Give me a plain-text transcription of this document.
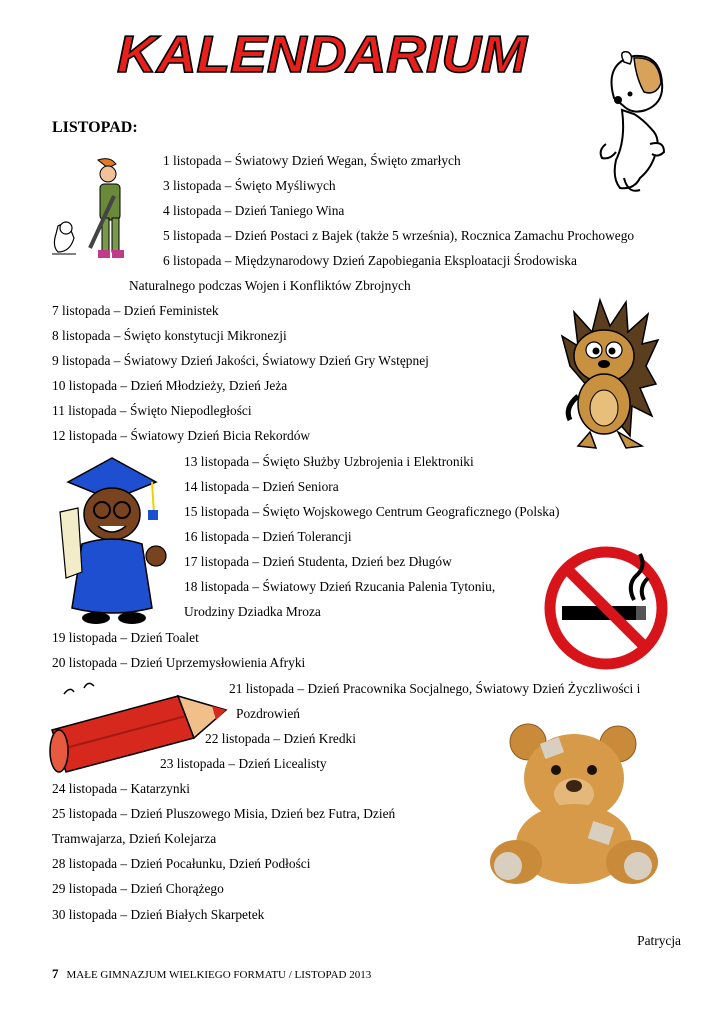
KALENDARIUM
LISTOPAD:
1 listopada – Światowy Dzień Wegan, Święto zmarłych
3 listopada – Święto Myśliwych
4 listopada – Dzień Taniego Wina
5 listopada – Dzień Postaci z Bajek (także 5 września), Rocznica Zamachu Prochowego
6 listopada – Międzynarodowy Dzień Zapobiegania Eksploatacji Środowiska
Naturalnego podczas Wojen i Konfliktów Zbrojnych
7 listopada – Dzień Feministek
8 listopada – Święto konstytucji Mikronezji
9 listopada – Światowy Dzień Jakości, Światowy Dzień Gry Wstępnej
10 listopada – Dzień Młodzieży, Dzień Jeża
11 listopada – Święto Niepodległości
12 listopada – Światowy Dzień Bicia Rekordów
13 listopada – Święto Służby Uzbrojenia i Elektroniki
14 listopada – Dzień Seniora
15 listopada – Święto Wojskowego Centrum Geograficznego (Polska)
16 listopada – Dzień Tolerancji
17 listopada – Dzień Studenta, Dzień bez Długów
18 listopada – Światowy Dzień Rzucania Palenia Tytoniu,
Urodziny Dziadka Mroza
19 listopada – Dzień Toalet
20 listopada – Dzień Uprzemysłowienia Afryki
21 listopada – Dzień Pracownika Socjalnego, Światowy Dzień Życzliwości i
Pozdrowień
22 listopada – Dzień Kredki
23 listopada – Dzień Licealisty
24 listopada – Katarzynki
25 listopada – Dzień Pluszowego Misia, Dzień bez Futra, Dzień
Tramwajarza, Dzień Kolejarza
28 listopada – Dzień Pocałunku, Dzień Podłości
29 listopada – Dzień Chorążego
30 listopada – Dzień Białych Skarpetek
Patrycja
7 MAŁE GIMNAZJUM WIELKIEGO FORMATU / LISTOPAD 2013
